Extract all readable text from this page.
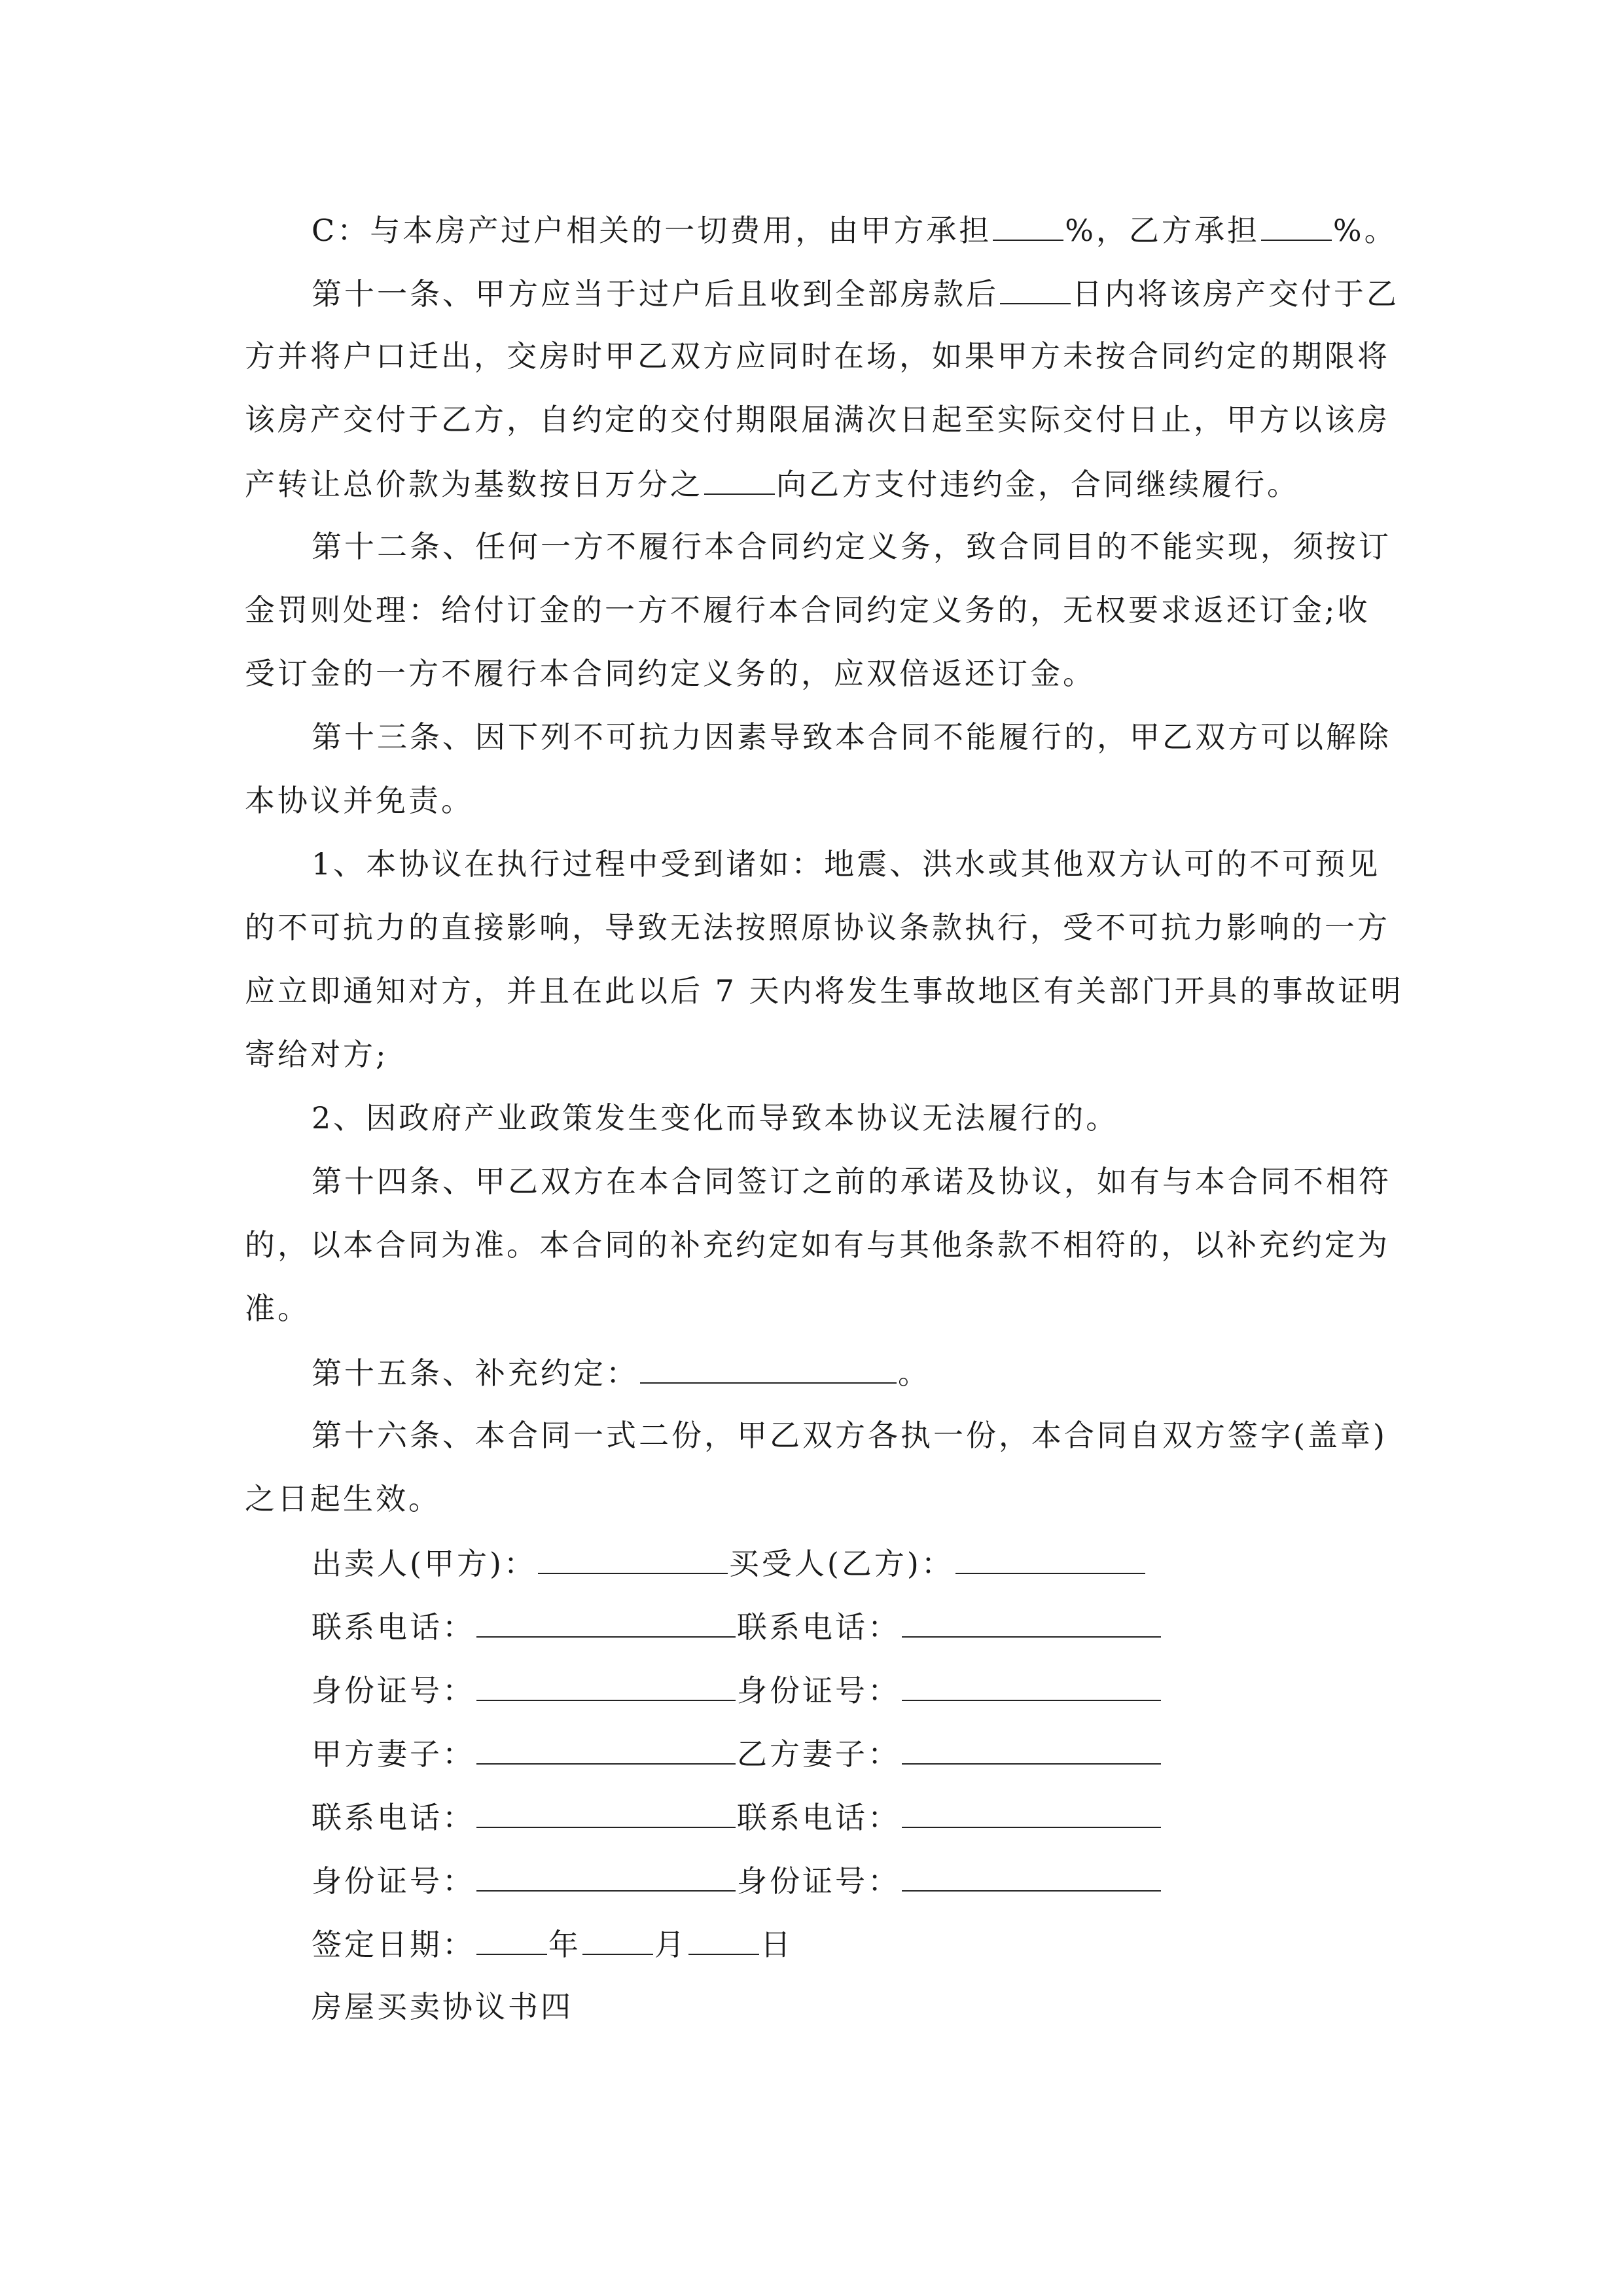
C：与本房产过户相关的一切费用，由甲方承担 %，乙方承担 %。
第十一条、甲方应当于过户后且收到全部房款后 日内将该房产交付于乙
方并将户口迁出，交房时甲乙双方应同时在场，如果甲方未按合同约定的期限将
该房产交付于乙方，自约定的交付期限届满次日起至实际交付日止，甲方以该房
产转让总价款为基数按日万分之 向乙方支付违约金，合同继续履行。
第十二条、任何一方不履行本合同约定义务，致合同目的不能实现，须按订
金罚则处理：给付订金的一方不履行本合同约定义务的，无权要求返还订金;收
受订金的一方不履行本合同约定义务的，应双倍返还订金。
第十三条、因下列不可抗力因素导致本合同不能履行的，甲乙双方可以解除
本协议并免责。
1、本协议在执行过程中受到诸如：地震、洪水或其他双方认可的不可预见
的不可抗力的直接影响，导致无法按照原协议条款执行，受不可抗力影响的一方
应立即通知对方，并且在此以后 7 天内将发生事故地区有关部门开具的事故证明
寄给对方;
2、因政府产业政策发生变化而导致本协议无法履行的。
第十四条、甲乙双方在本合同签订之前的承诺及协议，如有与本合同不相符
的，以本合同为准。本合同的补充约定如有与其他条款不相符的，以补充约定为
准。
第十五条、补充约定：	。
第十六条、本合同一式二份，甲乙双方各执一份，本合同自双方签字(盖章)
之日起生效。
出卖人(甲方)：	买受人(乙方)：
联系电话：	联系电话：
身份证号：	身份证号：
甲方妻子：	乙方妻子：
联系电话：	联系电话：
身份证号：	身份证号：
签定日期： 年 月 日
房屋买卖协议书四
